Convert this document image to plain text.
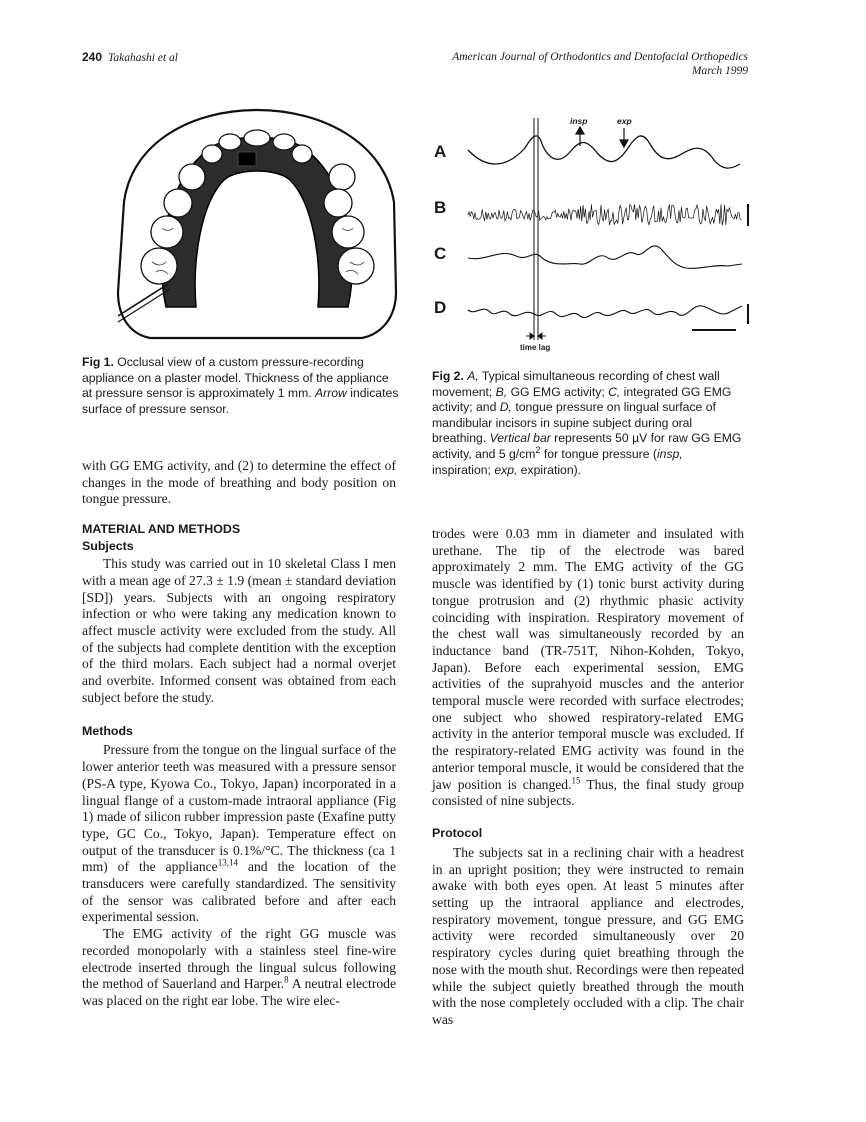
240 Takahashi et al	American Journal of Orthodontics and Dentofacial Orthopedics
March 1999
Fig 1. Occlusal view of a custom pressure-recording appliance on a plaster model. Thickness of the appliance at pressure sensor is approximately 1 mm. Arrow indicates surface of pressure sensor.
A
B
C
D
insp	exp
time lag
Fig 2. A, Typical simultaneous recording of chest wall movement; B, GG EMG activity; C, integrated GG EMG activity; and D, tongue pressure on lingual surface of mandibular incisors in supine subject during oral breathing. Vertical bar represents 50 µV for raw GG EMG activity, and 5 $g/cm^2$ for tongue pressure (insp, inspiration; exp, expiration).

with GG EMG activity, and (2) to determine the effect of changes in the mode of breathing and body position on tongue pressure.

MATERIAL AND METHODS
Subjects

This study was carried out in 10 skeletal Class I men with a mean age of 27.3 ± 1.9 (mean ± standard deviation [SD]) years. Subjects with an ongoing respiratory infection or who were taking any medication known to affect muscle activity were excluded from the study. All of the subjects had complete dentition with the exception of the third molars. Each subject had a normal overjet and overbite. Informed consent was obtained from each subject before the study.

Methods

Pressure from the tongue on the lingual surface of the lower anterior teeth was measured with a pressure sensor (PS-A type, Kyowa Co., Tokyo, Japan) incorporated in a lingual flange of a custom-made intraoral appliance (Fig 1) made of silicon rubber impression paste (Exafine putty type, GC Co., Tokyo, Japan). Temperature effect on output of the transducer is 0.1%/°C. The thickness (ca 1 mm) of the appliance$^{13,14}$ and the location of the transducers were carefully standardized. The sensitivity of the sensor was calibrated before and after each experimental session.

The EMG activity of the right GG muscle was recorded monopolarly with a stainless steel fine-wire electrode inserted through the lingual sulcus following the method of Sauerland and Harper.$^8$ A neutral electrode was placed on the right ear lobe. The wire elec-

trodes were 0.03 mm in diameter and insulated with urethane. The tip of the electrode was bared approximately 2 mm. The EMG activity of the GG muscle was identified by (1) tonic burst activity during tongue protrusion and (2) rhythmic phasic activity coinciding with inspiration. Respiratory movement of the chest wall was simultaneously recorded by an inductance band (TR-751T, Nihon-Kohden, Tokyo, Japan). Before each experimental session, EMG activities of the suprahyoid muscles and the anterior temporal muscle were recorded with surface electrodes; one subject who showed respiratory-related EMG activity in the anterior temporal muscle was excluded. If the respiratory-related EMG activity was found in the anterior temporal muscle, it would be considered that the jaw position is changed.$^{15}$ Thus, the final study group consisted of nine subjects.

Protocol

The subjects sat in a reclining chair with a headrest in an upright position; they were instructed to remain awake with both eyes open. At least 5 minutes after setting up the intraoral appliance and electrodes, respiratory movement, tongue pressure, and GG EMG activity were recorded simultaneously over 20 respiratory cycles during quiet breathing through the nose with the mouth shut. Recordings were then repeated while the subject quietly breathed through the mouth with the nose completely occluded with a clip. The chair was
